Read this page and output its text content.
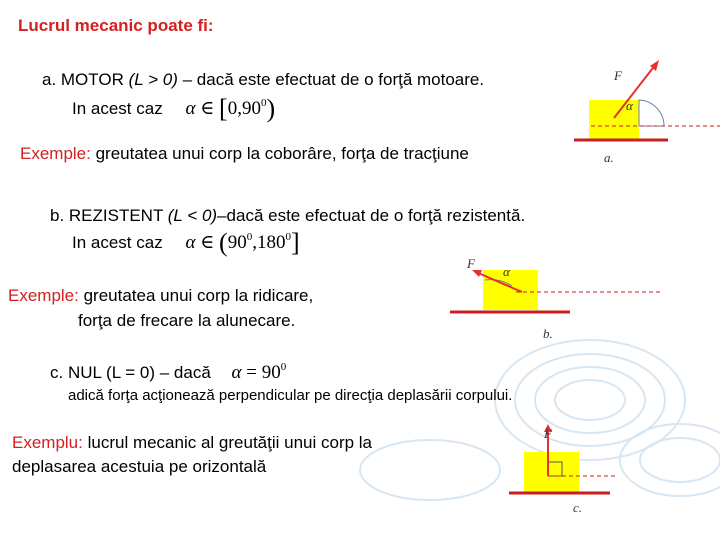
Lucrul mecanic poate fi:
a. MOTOR (L > 0) – dacă este efectuat de o forţă motoare.
In acest caz α ∈ [0,90$^0$)
Exemple: greutatea unui corp la coborâre, forţa de tracţiune
F
α
a.
b. REZISTENT (L < 0)–dacă este efectuat de o forţă rezistentă.
In acest caz α ∈ $(90^0,180^0]$
Exemple: greutatea unui corp la ridicare,
forţa de frecare la alunecare.
F
α
b.
c. NUL (L = 0) – dacă $\alpha = 90^0$
adică forţa acţionează perpendicular pe direcţia deplasării corpului.
Exemplu: lucrul mecanic al greutăţii unui corp la
deplasarea acestuia pe orizontală
F
c.
